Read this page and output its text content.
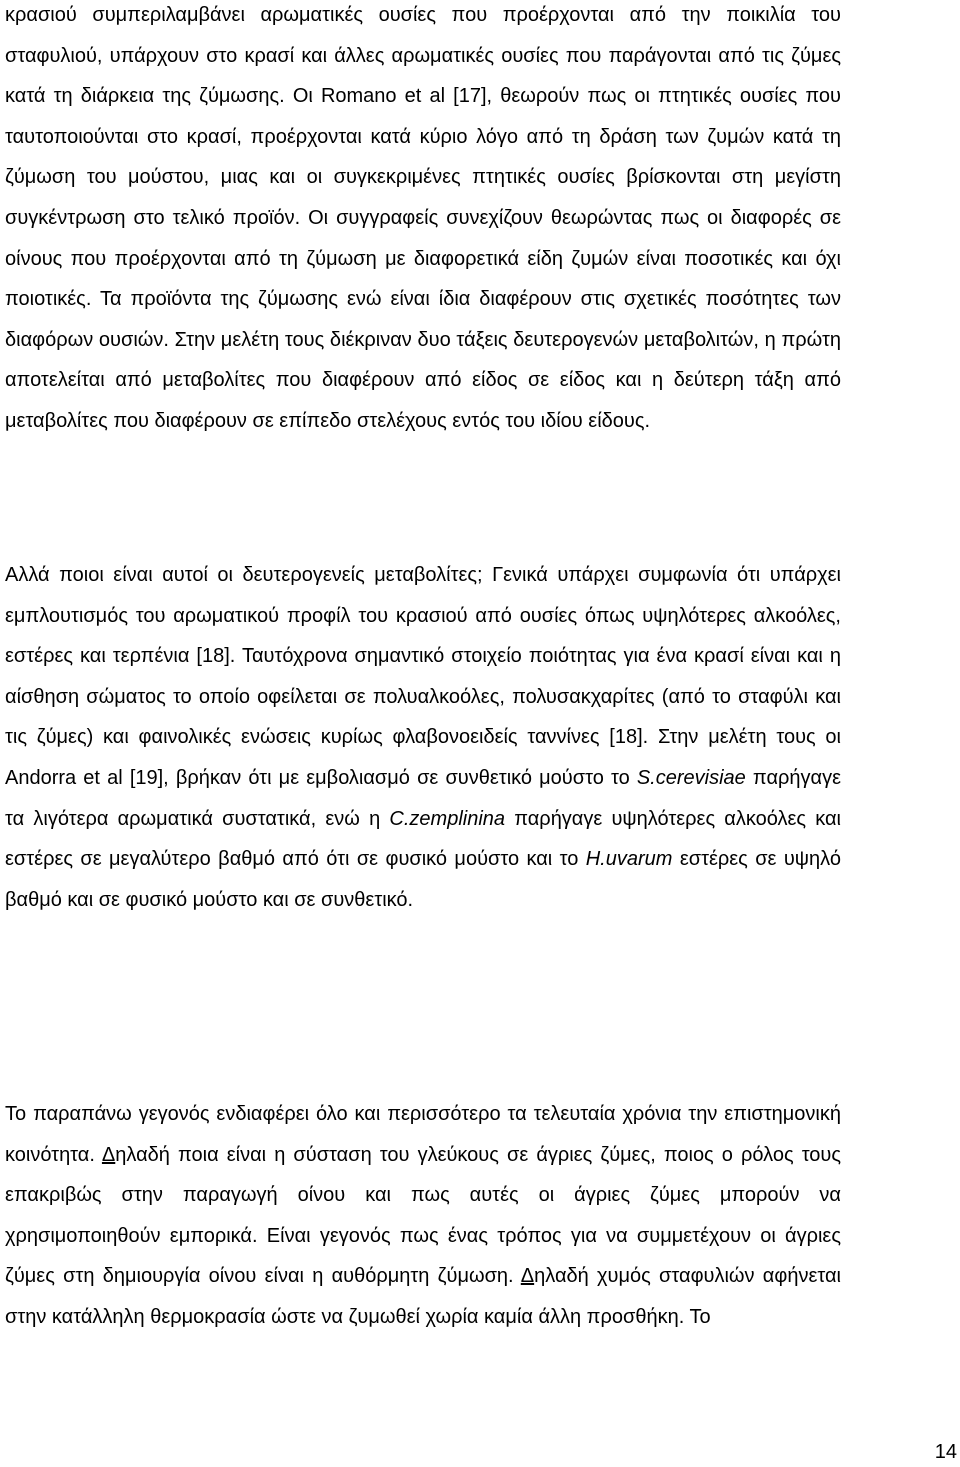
κρασιού συμπεριλαμβάνει αρωματικές ουσίες που προέρχονται από την ποικιλία του σταφυλιού, υπάρχουν στο κρασί και άλλες αρωματικές ουσίες που παράγονται από τις ζύμες κατά τη διάρκεια της ζύμωσης. Οι Romano et al [17], θεωρούν πως οι πτητικές ουσίες που ταυτοποιούνται στο κρασί, προέρχονται κατά κύριο λόγο από τη δράση των ζυμών κατά τη ζύμωση του μούστου, μιας και οι συγκεκριμένες πτητικές ουσίες βρίσκονται στη μεγίστη συγκέντρωση στο τελικό προϊόν. Οι συγγραφείς συνεχίζουν θεωρώντας πως οι διαφορές σε οίνους που προέρχονται από τη ζύμωση με διαφορετικά είδη ζυμών είναι ποσοτικές και όχι ποιοτικές. Τα προϊόντα της ζύμωσης ενώ είναι ίδια διαφέρουν στις σχετικές ποσότητες των διαφόρων ουσιών. Στην μελέτη τους διέκριναν δυο τάξεις δευτερογενών μεταβολιτών, η πρώτη αποτελείται από μεταβολίτες που διαφέρουν από είδος σε είδος και η δεύτερη τάξη από μεταβολίτες που διαφέρουν σε επίπεδο στελέχους εντός του ιδίου είδους.

Αλλά ποιοι είναι αυτοί οι δευτερογενείς μεταβολίτες; Γενικά υπάρχει συμφωνία ότι υπάρχει εμπλουτισμός του αρωματικού προφίλ του κρασιού από ουσίες όπως υψηλότερες αλκοόλες, εστέρες και τερπένια [18]. Ταυτόχρονα σημαντικό στοιχείο ποιότητας για ένα κρασί είναι και η αίσθηση σώματος το οποίο οφείλεται σε πολυαλκοόλες, πολυσακχαρίτες (από το σταφύλι και τις ζύμες) και φαινολικές ενώσεις κυρίως φλαβονοειδείς ταννίνες [18]. Στην μελέτη τους οι Andorra et al [19], βρήκαν ότι με εμβολιασμό σε συνθετικό μούστο το S.cerevisiae παρήγαγε τα λιγότερα αρωματικά συστατικά, ενώ η C.zemplinina παρήγαγε υψηλότερες αλκοόλες και εστέρες σε μεγαλύτερο βαθμό από ότι σε φυσικό μούστο και το H.uvarum εστέρες σε υψηλό βαθμό και σε φυσικό μούστο και σε συνθετικό.

Το παραπάνω γεγονός ενδιαφέρει όλο και περισσότερο τα τελευταία χρόνια την επιστημονική κοινότητα. Δηλαδή ποια είναι η σύσταση του γλεύκους σε άγριες ζύμες, ποιος ο ρόλος τους επακριβώς στην παραγωγή οίνου και πως αυτές οι άγριες ζύμες μπορούν να χρησιμοποιηθούν εμπορικά. Είναι γεγονός πως ένας τρόπος για να συμμετέχουν οι άγριες ζύμες στη δημιουργία οίνου είναι η αυθόρμητη ζύμωση. Δηλαδή χυμός σταφυλιών αφήνεται στην κατάλληλη θερμοκρασία ώστε να ζυμωθεί χωρία καμία άλλη προσθήκη. Το

14
